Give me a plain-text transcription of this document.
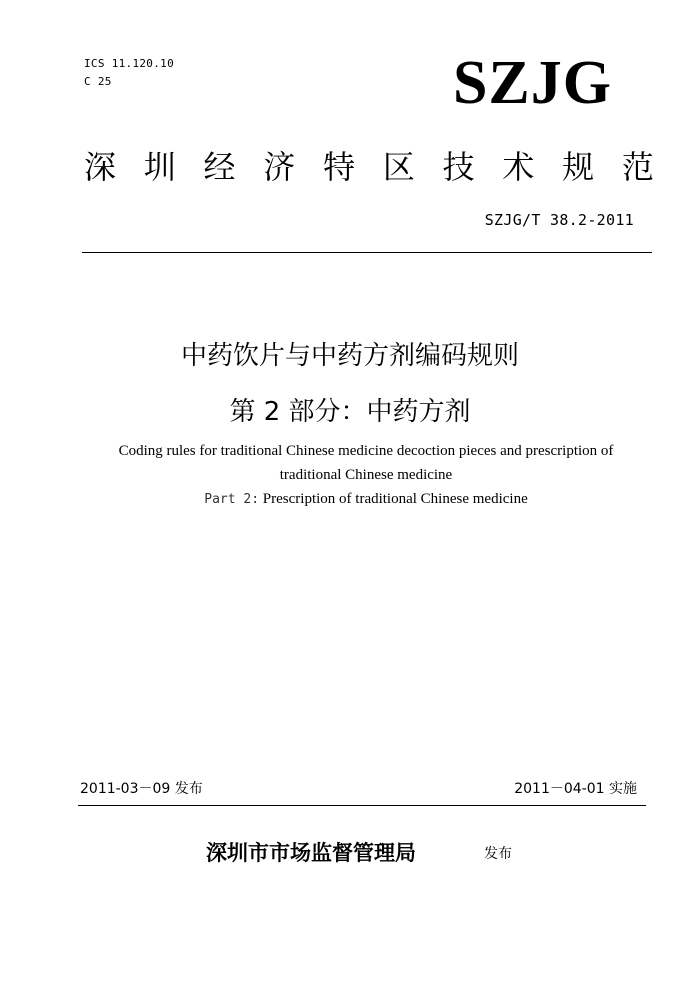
ICS 11.120.10
C 25	SZJG
深 圳 经 济 特 区 技 术 规 范
SZJG/T 38.2-2011
中药饮片与中药方剂编码规则
第 2 部分：中药方剂
Coding rules for traditional Chinese medicine decoction pieces and prescription of
traditional Chinese medicine
Part 2: Prescription of traditional Chinese medicine
2011-03－09 发布	2011－04-01 实施
深圳市市场监督管理局	发布
